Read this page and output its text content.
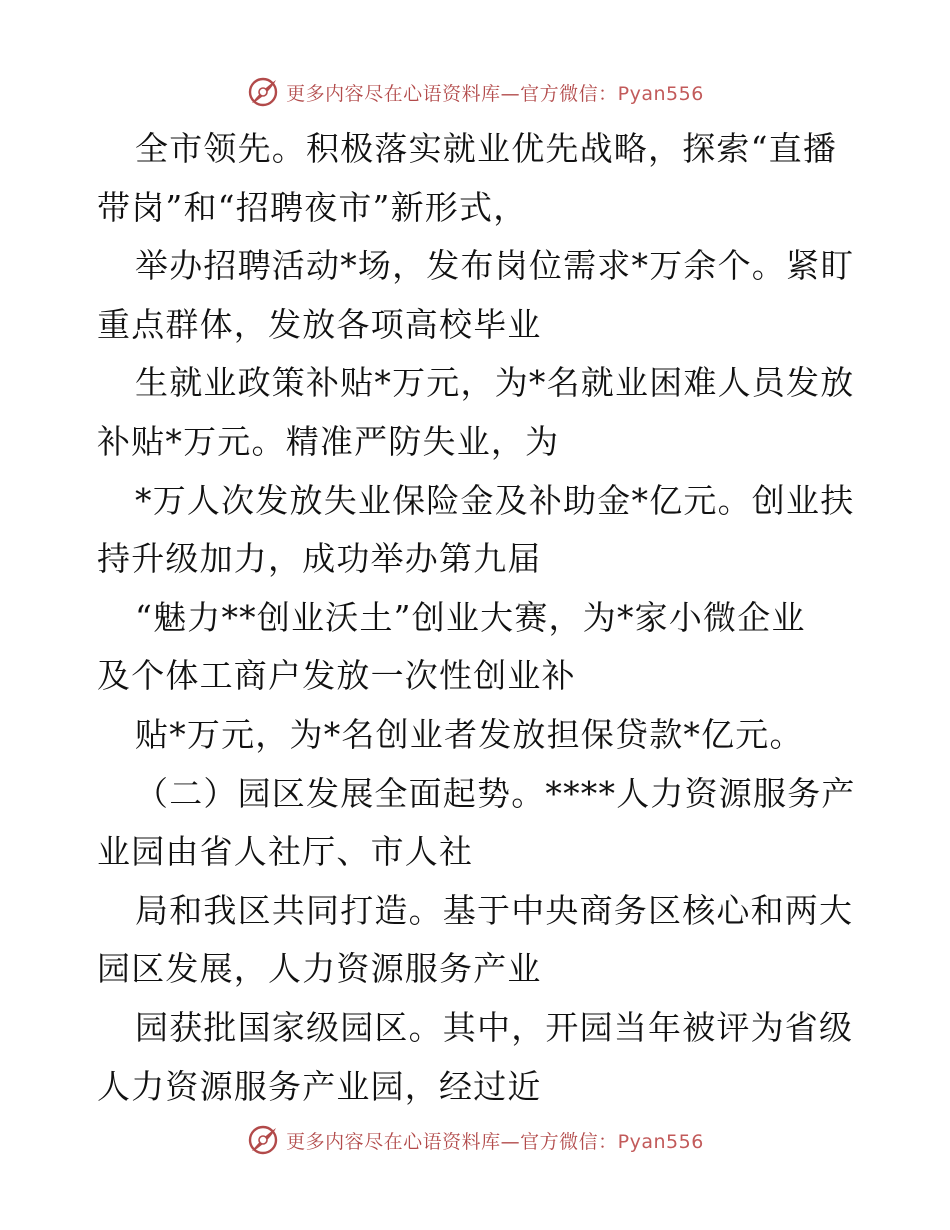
更多内容尽在心语资料库—官方微信：Pyan556
全市领先。积极落实就业优先战略，探索“直播
带岗”和“招聘夜市”新形式，
举办招聘活动*场，发布岗位需求*万余个。紧盯
重点群体，发放各项高校毕业
生就业政策补贴*万元，为*名就业困难人员发放
补贴*万元。精准严防失业，为
*万人次发放失业保险金及补助金*亿元。创业扶
持升级加力，成功举办第九届
“魅力**创业沃土”创业大赛，为*家小微企业
及个体工商户发放一次性创业补
贴*万元，为*名创业者发放担保贷款*亿元。
（二）园区发展全面起势。****人力资源服务产
业园由省人社厅、市人社
局和我区共同打造。基于中央商务区核心和两大
园区发展，人力资源服务产业
园获批国家级园区。其中，开园当年被评为省级
人力资源服务产业园，经过近
更多内容尽在心语资料库—官方微信：Pyan556
